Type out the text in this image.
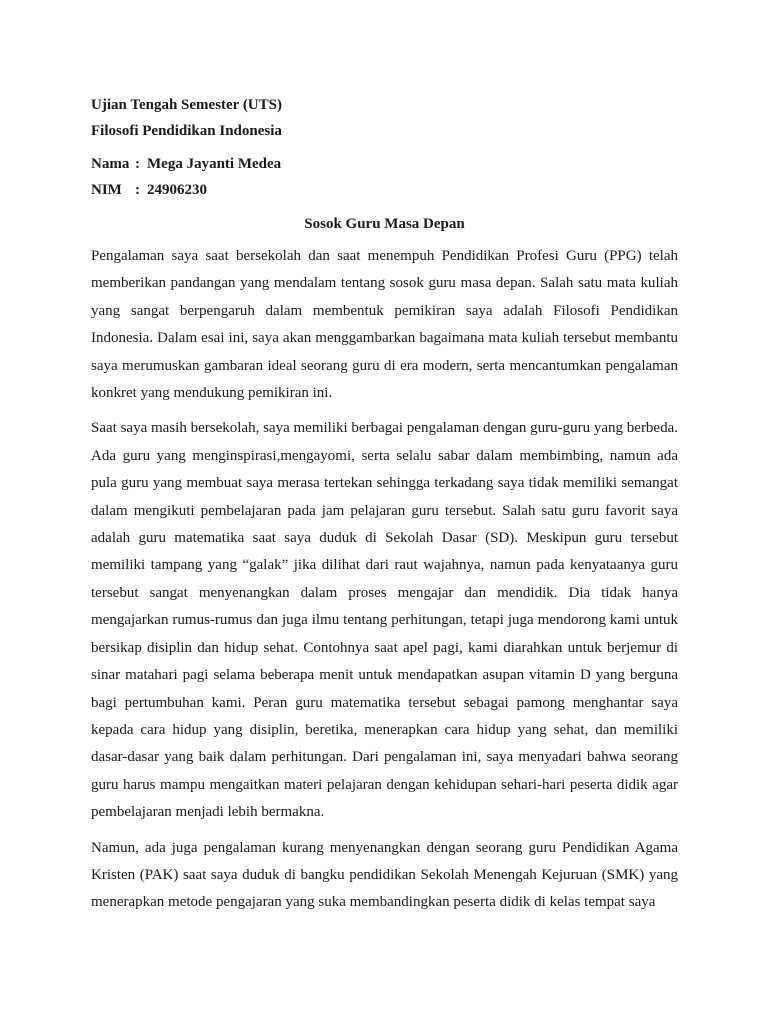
Ujian Tengah Semester (UTS)

Filosofi Pendidikan Indonesia

Nama : Mega Jayanti Medea
NIM : 24906230
Sosok Guru Masa Depan

Pengalaman saya saat bersekolah dan saat menempuh Pendidikan Profesi Guru (PPG) telah memberikan pandangan yang mendalam tentang sosok guru masa depan. Salah satu mata kuliah yang sangat berpengaruh dalam membentuk pemikiran saya adalah Filosofi Pendidikan Indonesia. Dalam esai ini, saya akan menggambarkan bagaimana mata kuliah tersebut membantu saya merumuskan gambaran ideal seorang guru di era modern, serta mencantumkan pengalaman konkret yang mendukung pemikiran ini.

Saat saya masih bersekolah, saya memiliki berbagai pengalaman dengan guru-guru yang berbeda. Ada guru yang menginspirasi,mengayomi, serta selalu sabar dalam membimbing, namun ada pula guru yang membuat saya merasa tertekan sehingga terkadang saya tidak memiliki semangat dalam mengikuti pembelajaran pada jam pelajaran guru tersebut. Salah satu guru favorit saya adalah guru matematika saat saya duduk di Sekolah Dasar (SD). Meskipun guru tersebut memiliki tampang yang “galak” jika dilihat dari raut wajahnya, namun pada kenyataanya guru tersebut sangat menyenangkan dalam proses mengajar dan mendidik. Dia tidak hanya mengajarkan rumus-rumus dan juga ilmu tentang perhitungan, tetapi juga mendorong kami untuk bersikap disiplin dan hidup sehat. Contohnya saat apel pagi, kami diarahkan untuk berjemur di sinar matahari pagi selama beberapa menit untuk mendapatkan asupan vitamin D yang berguna bagi pertumbuhan kami. Peran guru matematika tersebut sebagai pamong menghantar saya kepada cara hidup yang disiplin, beretika, menerapkan cara hidup yang sehat, dan memiliki dasar-dasar yang baik dalam perhitungan. Dari pengalaman ini, saya menyadari bahwa seorang guru harus mampu mengaitkan materi pelajaran dengan kehidupan sehari-hari peserta didik agar pembelajaran menjadi lebih bermakna.

Namun, ada juga pengalaman kurang menyenangkan dengan seorang guru Pendidikan Agama Kristen (PAK) saat saya duduk di bangku pendidikan Sekolah Menengah Kejuruan (SMK) yang menerapkan metode pengajaran yang suka membandingkan peserta didik di kelas tempat saya
